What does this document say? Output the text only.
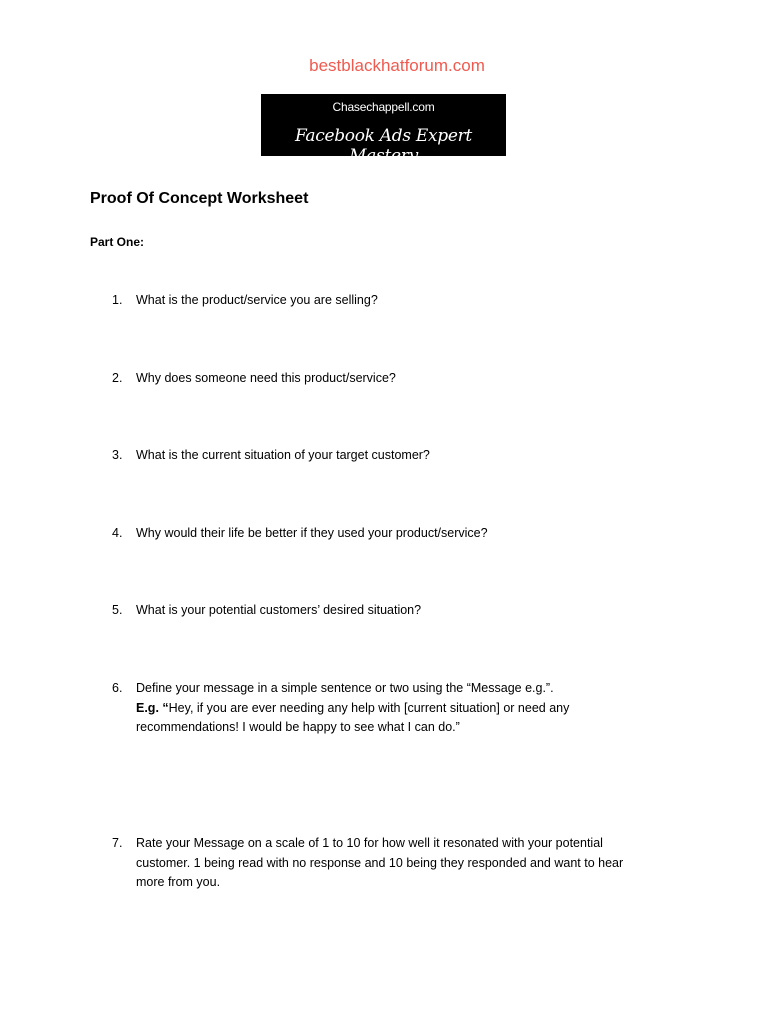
bestblackhatforum.com
Chasechappell.com
Facebook Ads Expert Mastery
Proof Of Concept Worksheet
Part One:
1. What is the product/service you are selling?
2. Why does someone need this product/service?
3. What is the current situation of your target customer?
4. Why would their life be better if they used your product/service?
5. What is your potential customers’ desired situation?
6. Define your message in a simple sentence or two using the “Message e.g.”.
E.g. “Hey, if you are ever needing any help with [current situation] or need any
recommendations! I would be happy to see what I can do.”
7. Rate your Message on a scale of 1 to 10 for how well it resonated with your potential
customer. 1 being read with no response and 10 being they responded and want to hear
more from you.
